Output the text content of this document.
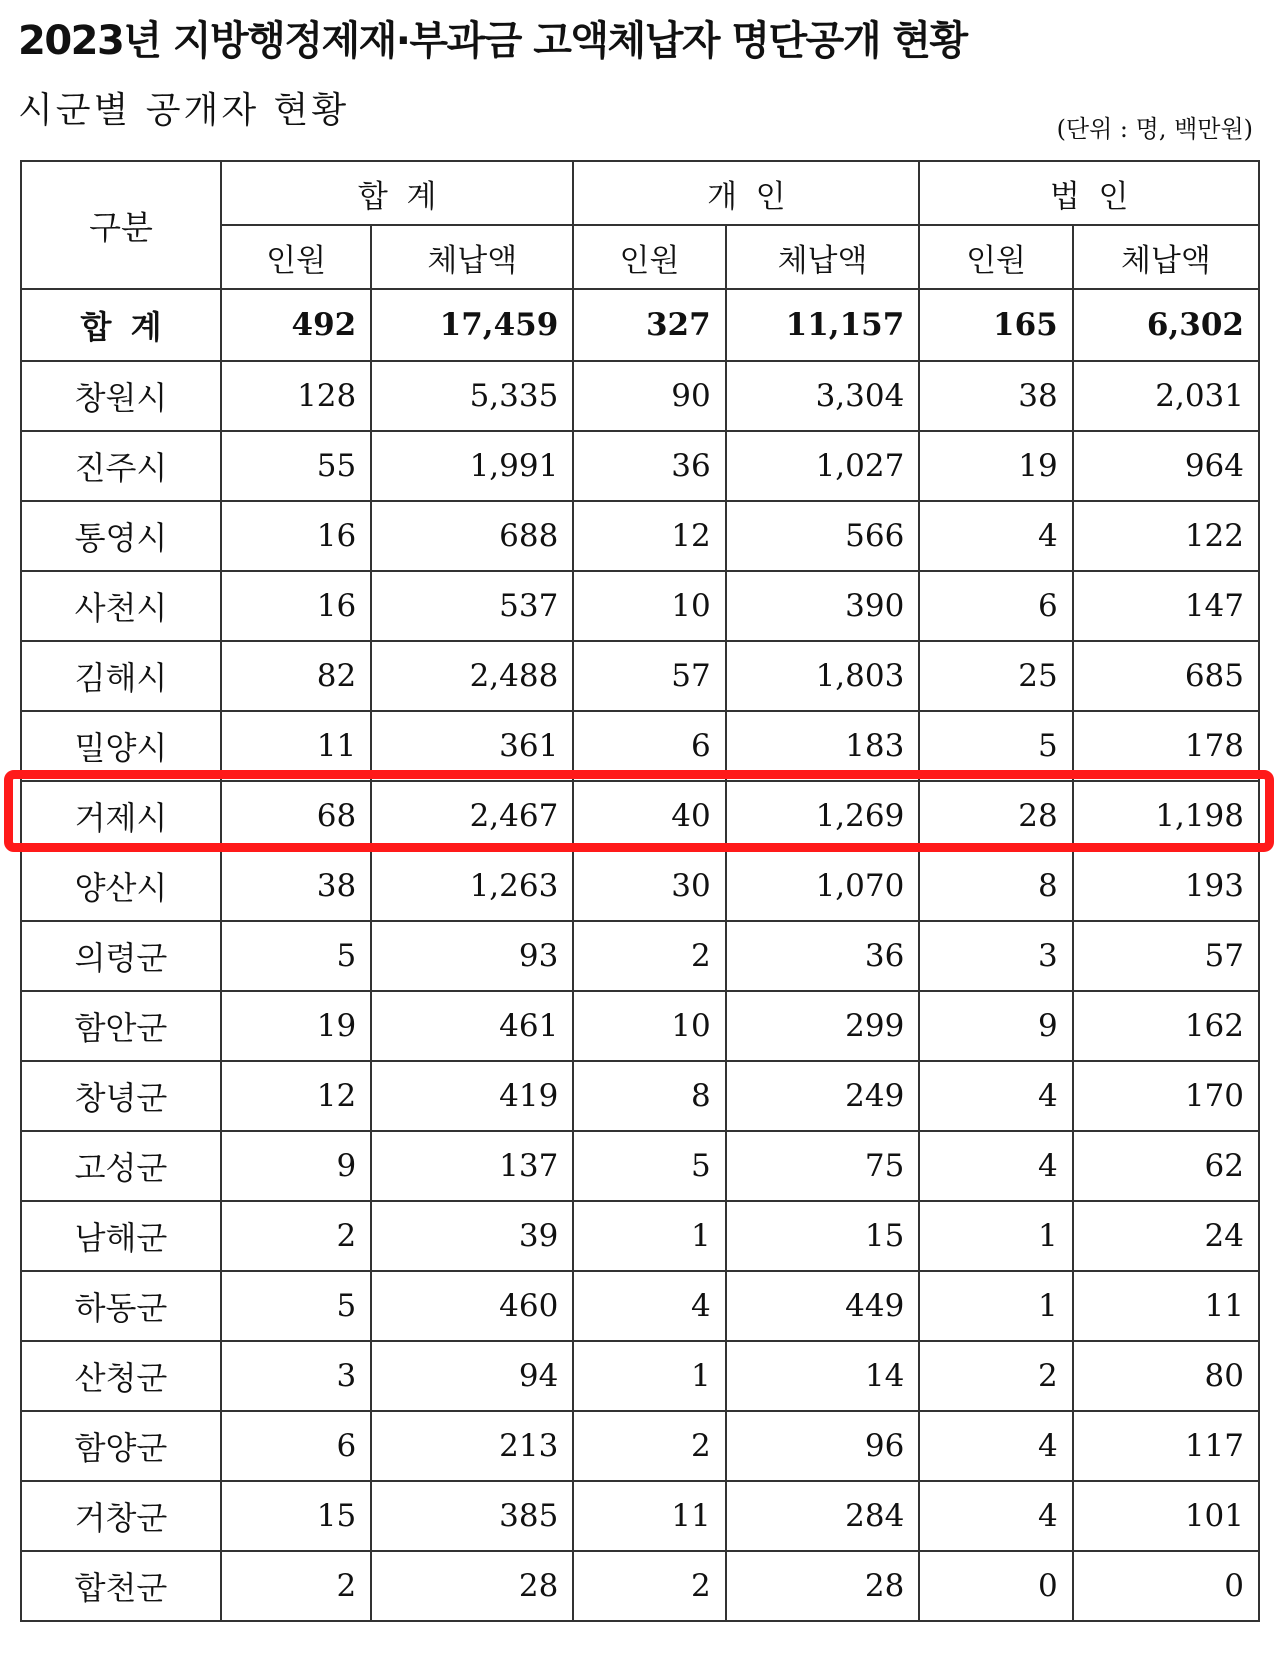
2023년 지방행정제재·부과금 고액체납자 명단공개 현황
시군별 공개자 현황	(단위 : 명, 백만원)
구분	합계		개인		법인	
	인원	체납액	인원	체납액	인원	체납액
합계	492	17,459	327	11,157	165	6,302
창원시	128	5,335	90	3,304	38	2,031
진주시	55	1,991	36	1,027	19	964
통영시	16	688	12	566	4	122
사천시	16	537	10	390	6	147
김해시	82	2,488	57	1,803	25	685
밀양시	11	361	6	183	5	178
거제시	68	2,467	40	1,269	28	1,198
양산시	38	1,263	30	1,070	8	193
의령군	5	93	2	36	3	57
함안군	19	461	10	299	9	162
창녕군	12	419	8	249	4	170
고성군	9	137	5	75	4	62
남해군	2	39	1	15	1	24
하동군	5	460	4	449	1	11
산청군	3	94	1	14	2	80
함양군	6	213	2	96	4	117
거창군	15	385	11	284	4	101
합천군	2	28	2	28	0	0
